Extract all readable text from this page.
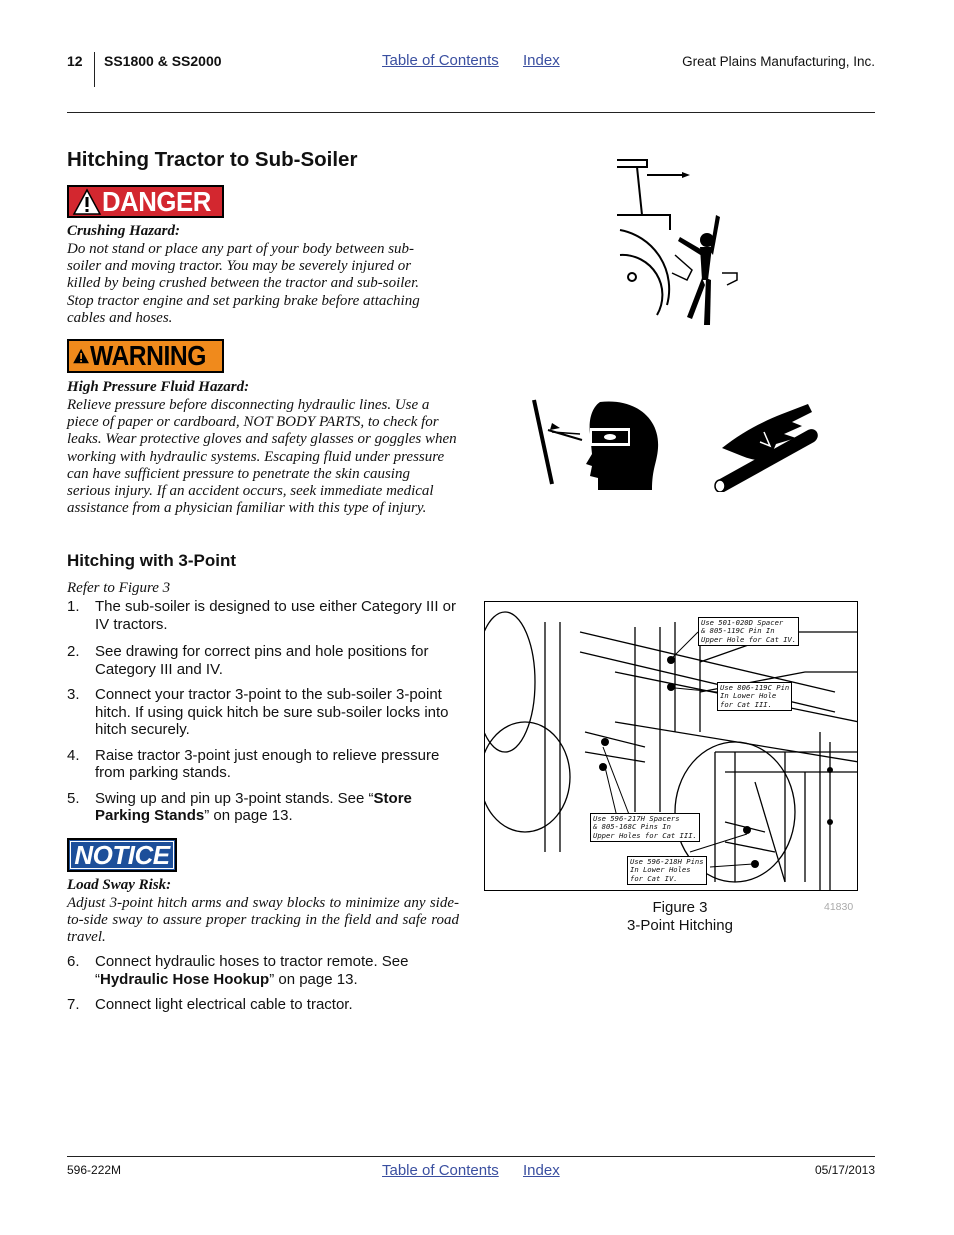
12 SS1800 & SS2000	Table of Contents Index	Great Plains Manufacturing, Inc.
Hitching Tractor to Sub-Soiler
DANGER
Crushing Hazard:
Do not stand or place any part of your body between sub-soiler and moving tractor. You may be severely injured or killed by being crushed between the tractor and sub-soiler. Stop tractor engine and set parking brake before attaching cables and hoses.
WARNING
High Pressure Fluid Hazard:
Relieve pressure before disconnecting hydraulic lines. Use a piece of paper or cardboard, NOT BODY PARTS, to check for leaks. Wear protective gloves and safety glasses or goggles when working with hydraulic systems. Escaping fluid under pressure can have sufficient pressure to penetrate the skin causing serious injury. If an accident occurs, seek immediate medical assistance from a physician familiar with this type of injury.
Hitching with 3-Point
Refer to Figure 3
1. The sub-soiler is designed to use either Category III or IV tractors.
2. See drawing for correct pins and hole positions for Category III and IV.
3. Connect your tractor 3-point to the sub-soiler 3-point hitch. If using quick hitch be sure sub-soiler locks into hitch securely.
4. Raise tractor 3-point just enough to relieve pressure from parking stands.
5. Swing up and pin up 3-point stands. See “Store Parking Stands” on page 13.
NOTICE
Load Sway Risk:
Adjust 3-point hitch arms and sway blocks to minimize any side-to-side sway to assure proper tracking in the field and safe road travel.
6. Connect hydraulic hoses to tractor remote. See “Hydraulic Hose Hookup” on page 13.
7. Connect light electrical cable to tractor.
Use 501-020D Spacer
& 805-119C Pin In
Upper Hole for Cat IV.
Use 806-119C Pin
In Lower Hole
for Cat III.
Use 596-217H Spacers
& 805-168C Pins In
Upper Holes for Cat III.
Use 596-218H Pins
In Lower Holes
for Cat IV.
Figure 3
3-Point Hitching
41830
596-222M	Table of Contents Index	05/17/2013
